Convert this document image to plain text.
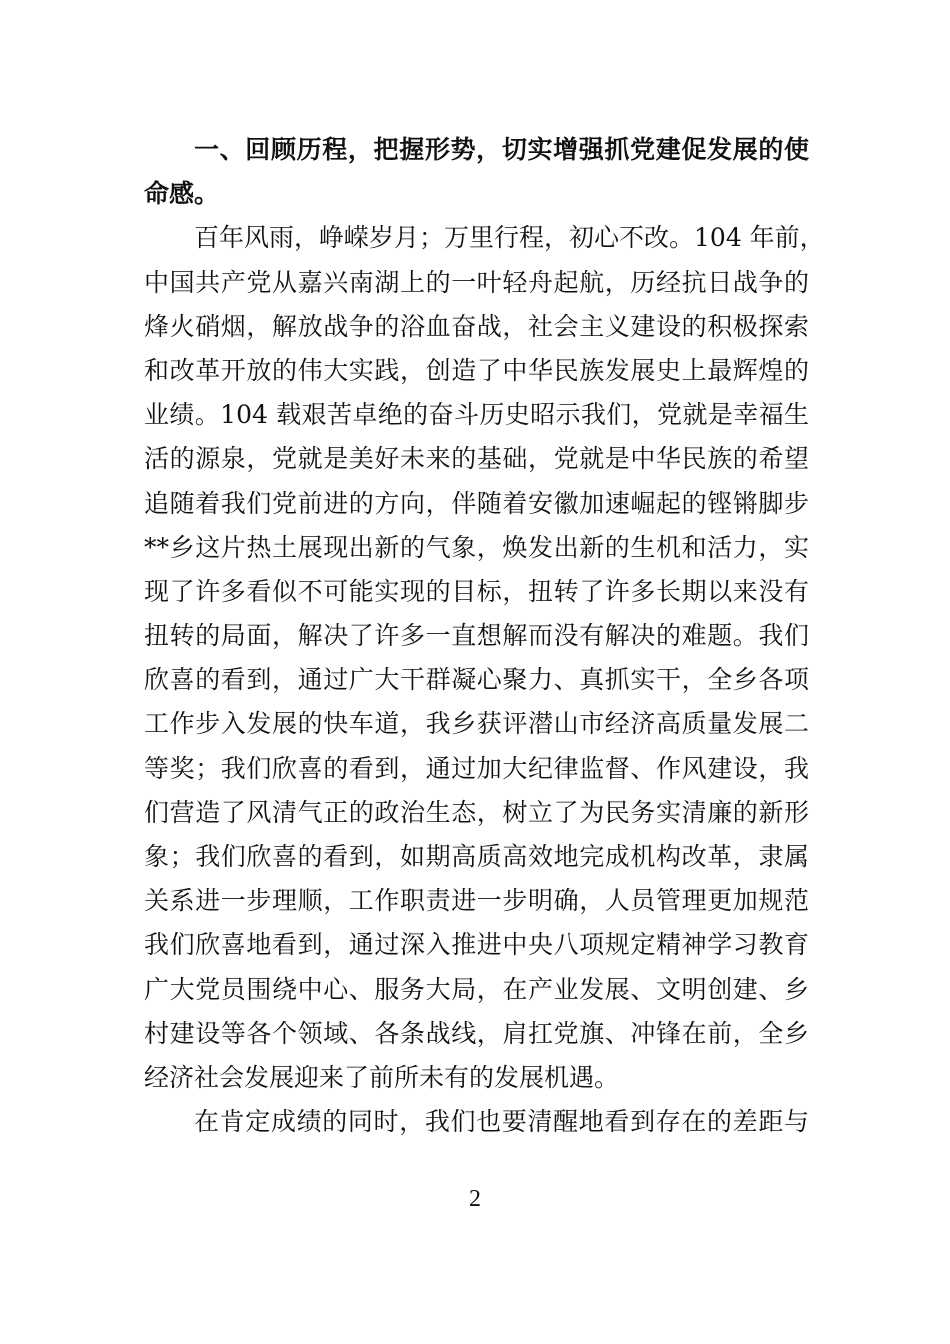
一、回顾历程，把握形势，切实增强抓党建促发展的使
命感。
百年风雨，峥嵘岁月；万里行程，初心不改。104 年前，
中国共产党从嘉兴南湖上的一叶轻舟起航，历经抗日战争的
烽火硝烟，解放战争的浴血奋战，社会主义建设的积极探索
和改革开放的伟大实践，创造了中华民族发展史上最辉煌的
业绩。104 载艰苦卓绝的奋斗历史昭示我们，党就是幸福生
活的源泉，党就是美好未来的基础，党就是中华民族的希望
追随着我们党前进的方向，伴随着安徽加速崛起的铿锵脚步
**乡这片热土展现出新的气象，焕发出新的生机和活力，实
现了许多看似不可能实现的目标，扭转了许多长期以来没有
扭转的局面，解决了许多一直想解而没有解决的难题。我们
欣喜的看到，通过广大干群凝心聚力、真抓实干，全乡各项
工作步入发展的快车道，我乡获评潜山市经济高质量发展二
等奖；我们欣喜的看到，通过加大纪律监督、作风建设，我
们营造了风清气正的政治生态，树立了为民务实清廉的新形
象；我们欣喜的看到，如期高质高效地完成机构改革，隶属
关系进一步理顺，工作职责进一步明确，人员管理更加规范
我们欣喜地看到，通过深入推进中央八项规定精神学习教育
广大党员围绕中心、服务大局，在产业发展、文明创建、乡
村建设等各个领域、各条战线，肩扛党旗、冲锋在前，全乡
经济社会发展迎来了前所未有的发展机遇。
在肯定成绩的同时，我们也要清醒地看到存在的差距与
2
